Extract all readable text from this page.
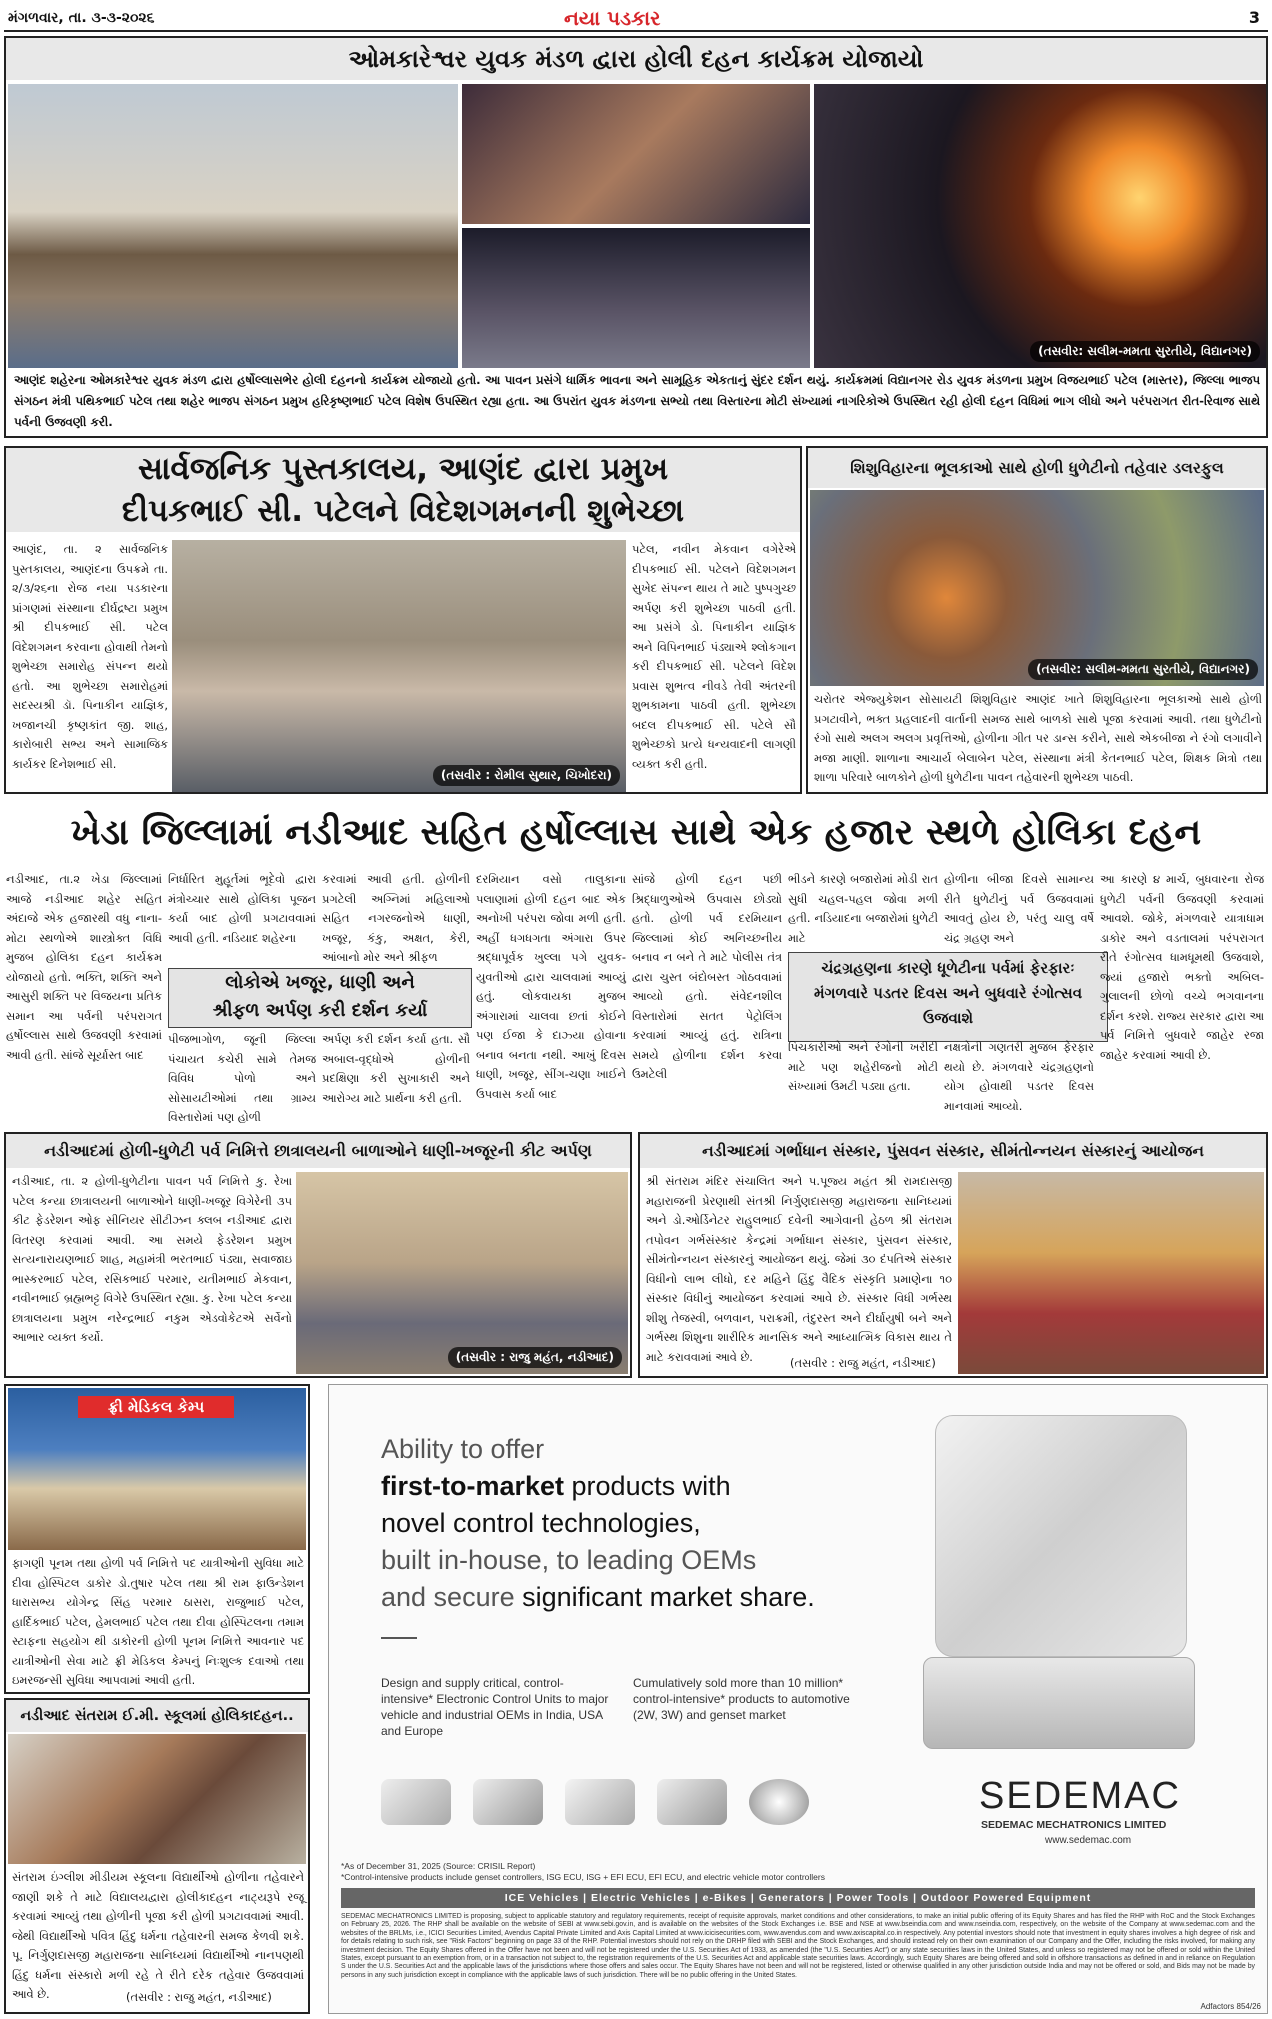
મંગળવાર, તા. ૩-૩-૨૦૨૬	નયા પડકાર	3
ઓમકારેશ્વર યુવક મંડળ દ્વારા હોલી દહન કાર્યક્રમ યોજાયો
(તસવીર: સલીમ-મમતા સુરતીયે, વિદ્યાનગર)
આણંદ શહેરના ઓમકારેશ્વર યુવક મંડળ દ્વારા હર્ષોલ્લાસભેર હોલી દહનનો કાર્યક્રમ યોજાયો હતો. આ પાવન પ્રસંગે ધાર્મિક ભાવના અને સામૂહિક એકતાનું સુંદર દર્શન થયું. કાર્યક્રમમાં વિદ્યાનગર રોડ યુવક મંડળના પ્રમુખ વિજયભાઈ પટેલ (માસ્તર), જિલ્લા ભાજપ સંગઠન મંત્રી પથિકભાઈ પટેલ તથા શહેર ભાજપ સંગઠન પ્રમુખ હરિકૃષ્ણભાઈ પટેલ વિશેષ ઉપસ્થિત રહ્યા હતા. આ ઉપરાંત યુવક મંડળના સભ્યો તથા વિસ્તારના મોટી સંખ્યામાં નાગરિકોએ ઉપસ્થિત રહી હોલી દહન વિધિમાં ભાગ લીધો અને પરંપરાગત રીત-રિવાજ સાથે પર્વની ઉજવણી કરી.
સાર્વજનિક પુસ્તકાલય, આણંદ દ્વારા પ્રમુખ
દીપકભાઈ સી. પટેલને વિદેશગમનની શુભેચ્છા
આણંદ, તા. ૨ સાર્વજનિક પુસ્તકાલય, આણંદના ઉપક્રમે તા. ૨/૩/૨૬ના રોજ નયા પડકારના પ્રાંગણમાં સંસ્થાના દીર્ઘદ્રષ્ટા પ્રમુખ શ્રી દીપકભાઈ સી. પટેલ વિદેશગમન કરવાના હોવાથી તેમનો શુભેચ્છા સમારોહ સંપન્ન થયો હતો. આ શુભેચ્છા સમારોહમાં સદસ્યશ્રી ડૉ. પિનાકીન યાજ્ઞિક, ખજાનચી કૃષ્ણકાંત જી. શાહ, કારોબારી સભ્ય અને સામાજિક કાર્યકર દિનેશભાઈ સી.
(તસવીર : રોમીલ સુથાર, ચિખોદરા)
પટેલ, નવીન મેકવાન વગેરેએ દીપકભાઈ સી. પટેલને વિદેશગમન સુખેદ સંપન્ન થાય તે માટે પુષ્પગુચ્છ અર્પણ કરી શુભેચ્છા પાઠવી હતી. આ પ્રસંગે ડો. પિનાકીન યાજ્ઞિક અને વિપિનભાઈ પંડ્યાએ શ્લોકગાન કરી દીપકભાઈ સી. પટેલને વિદેશ પ્રવાસ શુભત્વ નીવડે તેવી અંતરની શુભકામના પાઠવી હતી. શુભેચ્છા બદલ દીપકભાઈ સી. પટેલે સૌ શુભેચ્છકો પ્રત્યે ધન્યવાદની લાગણી વ્યક્ત કરી હતી.
શિશુવિહારના ભૂલકાઓ સાથે હોળી ધુળેટીનો તહેવાર ડલરફુલ
(તસવીર: સલીમ-મમતા સુરતીયે, વિદ્યાનગર)
ચરોતર એજ્યુકેશન સોસાયટી શિશુવિહાર આણંદ ખાતે શિશુવિહારના ભૂલકાઓ સાથે હોળી પ્રગટાવીને, ભક્ત પ્રહલાદની વાર્તાની સમજ સાથે બાળકો સાથે પૂજા કરવામાં આવી. તથા ધુળેટીનો રંગો સાથે અલગ અલગ પ્રવૃત્તિઓ, હોળીના ગીત પર ડાન્સ કરીને, સાથે એકબીજા ને રંગો લગાવીને મજા માણી. શાળાના આચાર્ય બેલાબેન પટેલ, સંસ્થાના મંત્રી કેતનભાઈ પટેલ, શિક્ષક મિત્રો તથા શાળા પરિવારે બાળકોને હોળી ધુળેટીના પાવન તહેવારની શુભેચ્છા પાઠવી.
ખેડા જિલ્લામાં નડીઆદ સહિત હર્ષોલ્લાસ સાથે એક હજાર સ્થળે હોલિકા દહન
નડીઆદ, તા.૨ ખેડા જિલ્લામાં આજે નડીઆદ શહેર સહિત અંદાજે એક હજારથી વધુ નાના-મોટા સ્થળોએ શાસ્ત્રોક્ત વિધિ મુજબ હોલિકા દહન કાર્યક્રમ યોજાયો હતો. ભક્તિ, શક્તિ અને આસુરી શક્તિ પર વિજયના પ્રતિક સમાન આ પર્વની પરંપરાગત હર્ષોલ્લાસ સાથે ઉજવણી કરવામાં આવી હતી. સાંજે સૂર્યાસ્ત બાદ
નિર્ધારિત મુહૂર્તમાં ભૂદેવો દ્વારા મંત્રોચ્ચાર સાથે હોલિકા પૂજન કર્યા બાદ હોળી પ્રગટાવવામાં આવી હતી. નડિયાદ શહેરના
કરવામાં આવી હતી. હોળીની પ્રગટેલી અગ્નિમાં મહિલાઓ સહિત નગરજનોએ ધાણી, ખજૂર, કંકુ, અક્ષત, કેરી, આંબાનો મોર અને શ્રીફળ
લોકોએ ખજૂર, ધાણી અને
શ્રીફળ અર્પણ કરી દર્શન કર્યા
પીજભાગોળ, જૂની જિલ્લા પંચાયત કચેરી સામે તેમજ વિવિધ પોળો અને સોસાયટીઓમાં તથા ગ્રામ્ય વિસ્તારોમાં પણ હોળી
અર્પણ કરી દર્શન કર્યા હતા. સૌ અબાલ-વૃદ્ધોએ હોળીની પ્રદક્ષિણા કરી સુખાકારી અને આરોગ્ય માટે પ્રાર્થના કરી હતી.
દરમિયાન વસો તાલુકાના પલાણામાં હોળી દહન બાદ એક અનોખી પરંપરા જોવા મળી હતી. અહીં ધગધગતા અંગારા ઉપર શ્રદ્ધાપૂર્વક ખુલ્લા પગે યુવક-યુવતીઓ દ્વારા ચાલવામાં આવ્યું હતું. લોકવાયકા મુજબ અંગારામાં ચાલવા છતાં કોઈને પણ ઈજા કે દાઝ્યા હોવાના બનાવ બનતા નથી. આખું દિવસ ધાણી, ખજૂર, સીંગ-ચણા ખાઈને ઉપવાસ કર્યા બાદ
સાંજે હોળી દહન પછી શ્રિદ્ધાળુઓએ ઉપવાસ છોડ્યો હતો. હોળી પર્વ દરમિયાન જિલ્લામાં કોઈ અનિચ્છનીય બનાવ ન બને તે માટે પોલીસ તંત્ર દ્વારા ચુસ્ત બંદોબસ્ત ગોઠવવામાં આવ્યો હતો. સંવેદનશીલ વિસ્તારોમાં સતત પેટ્રોલિંગ કરવામાં આવ્યું હતું. રાત્રિના સમયે હોળીના દર્શન કરવા ઉમટેલી
ભીડને કારણે બજારોમાં મોડી રાત સુધી ચહલ-પહલ જોવા મળી હતી. નડિયાદના બજારોમાં ધુળેટી માટે
હોળીના બીજા દિવસે સામાન્ય રીતે ધુળેટીનું પર્વ ઉજવવામાં આવતું હોય છે, પરંતુ ચાલુ વર્ષે ચંદ્ર ગ્રહણ અને
ચંદ્રગ્રહણના કારણે ધૂળેટીના પર્વમાં ફેરફારઃ મંગળવારે પડતર દિવસ અને બુધવારે રંગોત્સવ ઉજવાશે
પિચકારીઓ અને રંગોની ખરીદી માટે પણ શહેરીજનો મોટી સંખ્યામાં ઉમટી પડ્યા હતા.
નક્ષત્રોની ગણતરી મુજબ ફેરફાર થયો છે. મંગળવારે ચંદ્રગ્રહણનો યોગ હોવાથી પડતર દિવસ માનવામાં આવ્યો.
આ કારણે ૪ માર્ચ, બુધવારના રોજ ધુળેટી પર્વની ઉજવણી કરવામાં આવશે. જોકે, મંગળવારે યાત્રાધામ ડાકોર અને વડતાલમાં પરંપરાગત રીતે રંગોત્સવ ધામધૂમથી ઉજવાશે, જ્યાં હજારો ભક્તો અબિલ-ગુલાલની છોળો વચ્ચે ભગવાનના દર્શન કરશે. રાજ્ય સરકાર દ્વારા આ પર્વ નિમિત્તે બુધવારે જાહેર રજા જાહેર કરવામાં આવી છે.
નડીઆદમાં હોળી-ધુળેટી પર્વ નિમિત્તે છાત્રાલયની બાળાઓને ધાણી-ખજૂરની કીટ અર્પણ
નડીઆદ, તા. ૨ હોળી-ધુળેટીના પાવન પર્વ નિમિત્તે કુ. રેખા પટેલ કન્યા છાત્રાલયની બાળાઓને ધાણી-ખજૂર વિગેરેની ૩૫ કીટ ફેડરેશન ઓફ સીનિયર સીટીઝન ક્લબ નડીઆદ દ્વારા વિતરણ કરવામાં આવી. આ સમયે ફેડરેશન પ્રમુખ સત્યનારાયણભાઈ શાહ, મહામંત્રી ભરતભાઈ પંડ્યા, સવાજાઇ ભાસ્કરભાઈ પટેલ, રસિકભાઈ પરમાર, યતીમભાઈ મેકવાન, નવીનભાઈ બ્રહ્મભટ્ટ વિગેરે ઉપસ્થિત રહ્યા. કુ. રેખા પટેલ કન્યા છાત્રાલયના પ્રમુખ નરેન્દ્રભાઈ નકુમ એડવોકેટએ સર્વેનો આભાર વ્યક્ત કર્યો.
(તસવીર : રાજુ મહંત, નડીઆદ)
નડીઆદમાં ગર્ભાધાન સંસ્કાર, પુંસવન સંસ્કાર, સીમંતોન્નયન સંસ્કારનું આયોજન
શ્રી સંતરામ મંદિર સંચાલિત અને પ.પૂજ્ય મહંત શ્રી રામદાસજી મહારાજની પ્રેરણાથી સંતશ્રી નિર્ગુણદાસજી મહારાજના સાનિધ્યમાં અને ડો.ઓર્ડિનેટર રાહુલભાઈ દવેની આગેવાની હેઠળ શ્રી સંતરામ તપોવન ગર્ભસંસ્કાર કેન્દ્રમાં ગર્ભાધાન સંસ્કાર, પુંસવન સંસ્કાર, સીમંતોન્નયન સંસ્કારનું આયોજન થયું. જેમાં ૩૦ દંપતિએ સંસ્કાર વિધીનો લાભ લીધો, દર મહિને હિંદુ વૈદિક સંસ્કૃતિ પ્રમાણેના ૧૦ સંસ્કાર વિધીનું આયોજન કરવામાં આવે છે. સંસ્કાર વિધી ગર્ભસ્થ શીશુ તેજસ્વી, બળવાન, પરાક્રમી, તંદુરસ્ત અને દીર્ઘાયુષી બને અને ગર્ભસ્થ શિશુના શારીરિક માનસિક અને આધ્યાત્મિક વિકાસ થાય તે માટે કરાવવામાં આવે છે.	(તસવીર : રાજુ મહંત, નડીઆદ)
ફ્રી મેડિકલ કેમ્પ
ફાગણી પૂનમ તથા હોળી પર્વ નિમિત્તે પદ યાત્રીઓની સુવિધા માટે દીવા હોસ્પિટલ ડાકોર ડો.તુષાર પટેલ તથા શ્રી રામ ફાઉન્ડેશન ધારાસભ્ય યોગેન્દ્ર સિંહ પરમાર ઠાસરા, રાજુભાઈ પટેલ, હાર્દિકભાઈ પટેલ, હેમલભાઈ પટેલ તથા દીવા હોસ્પિટલના તમામ સ્ટાફના સહયોગ થી ડાકોરની હોળી પૂનમ નિમિત્તે આવનાર પદ યાત્રીઓની સેવા માટે ફ્રી મેડિકલ કેમ્પનું નિઃશુલ્ક દવાઓ તથા ઇમરજન્સી સુવિધા આપવામાં આવી હતી.
નડીઆદ સંતરામ ઈ.મી. સ્કૂલમાં હોલિકાદહન..
સંતરામ ઇંગ્લીશ મીડીયમ સ્કૂલના વિદ્યાર્થીઓ હોળીના તહેવારને જાણી શકે તે માટે વિદ્યાલયદ્વારા હોલીકાદહન નાટ્યરૂપે રજૂ કરવામાં આવ્યું તથા હોળીની પૂજા કરી હોળી પ્રગટાવવામાં આવી. જેથી વિદ્યાર્થીઓ પવિત્ર હિંદુ ધર્મના તહેવારની સમજ કેળવી શકે. પૂ. નિર્ગુણદાસજી મહારાજના સાનિધ્યમાં વિદ્યાર્થીઓ નાનપણથી હિંદુ ધર્મના સંસ્કારો મળી રહે તે રીતે દરેક તહેવાર ઉજવવામાં આવે છે.	(તસવીર : રાજુ મહંત, નડીઆદ)
Ability to offer
first-to-market products with
novel control technologies,
built in-house, to leading OEMs
and secure significant market share.
Design and supply critical, control-intensive* Electronic Control Units to major vehicle and industrial OEMs in India, USA and Europe
Cumulatively sold more than 10 million* control-intensive* products to automotive (2W, 3W) and genset market
SEDEMAC
SEDEMAC MECHATRONICS LIMITED
www.sedemac.com
*As of December 31, 2025 (Source: CRISIL Report)
*Control-intensive products include genset controllers, ISG ECU, ISG + EFI ECU, EFI ECU, and electric vehicle motor controllers
ICE Vehicles | Electric Vehicles | e-Bikes | Generators | Power Tools | Outdoor Powered Equipment
SEDEMAC MECHATRONICS LIMITED is proposing, subject to applicable statutory and regulatory requirements, receipt of requisite approvals, market conditions and other considerations, to make an initial public offering of its Equity Shares and has filed the RHP with RoC and the Stock Exchanges on February 25, 2026. The RHP shall be available on the website of SEBI at www.sebi.gov.in, and is available on the websites of the Stock Exchanges i.e. BSE and NSE at www.bseindia.com and www.nseindia.com, respectively, on the website of the Company at www.sedemac.com and the websites of the BRLMs, i.e., ICICI Securities Limited, Avendus Capital Private Limited and Axis Capital Limited at www.icicisecurities.com, www.avendus.com and www.axiscapital.co.in respectively. Any potential investors should note that investment in equity shares involves a high degree of risk and for details relating to such risk, see "Risk Factors" beginning on page 33 of the RHP. Potential investors should not rely on the DRHP filed with SEBI and the Stock Exchanges, and should instead rely on their own examination of our Company and the Offer, including the risks involved, for making any investment decision. The Equity Shares offered in the Offer have not been and will not be registered under the U.S. Securities Act of 1933, as amended (the "U.S. Securities Act") or any state securities laws in the United States, and unless so registered may not be offered or sold within the United States, except pursuant to an exemption from, or in a transaction not subject to, the registration requirements of the U.S. Securities Act and applicable state securities laws. Accordingly, such Equity Shares are being offered and sold in offshore transactions as defined in and in reliance on Regulation S under the U.S. Securities Act and the applicable laws of the jurisdictions where those offers and sales occur. The Equity Shares have not been and will not be registered, listed or otherwise qualified in any other jurisdiction outside India and may not be offered or sold, and Bids may not be made by persons in any such jurisdiction except in compliance with the applicable laws of such jurisdiction. There will be no public offering in the United States.
Adfactors 854/26
